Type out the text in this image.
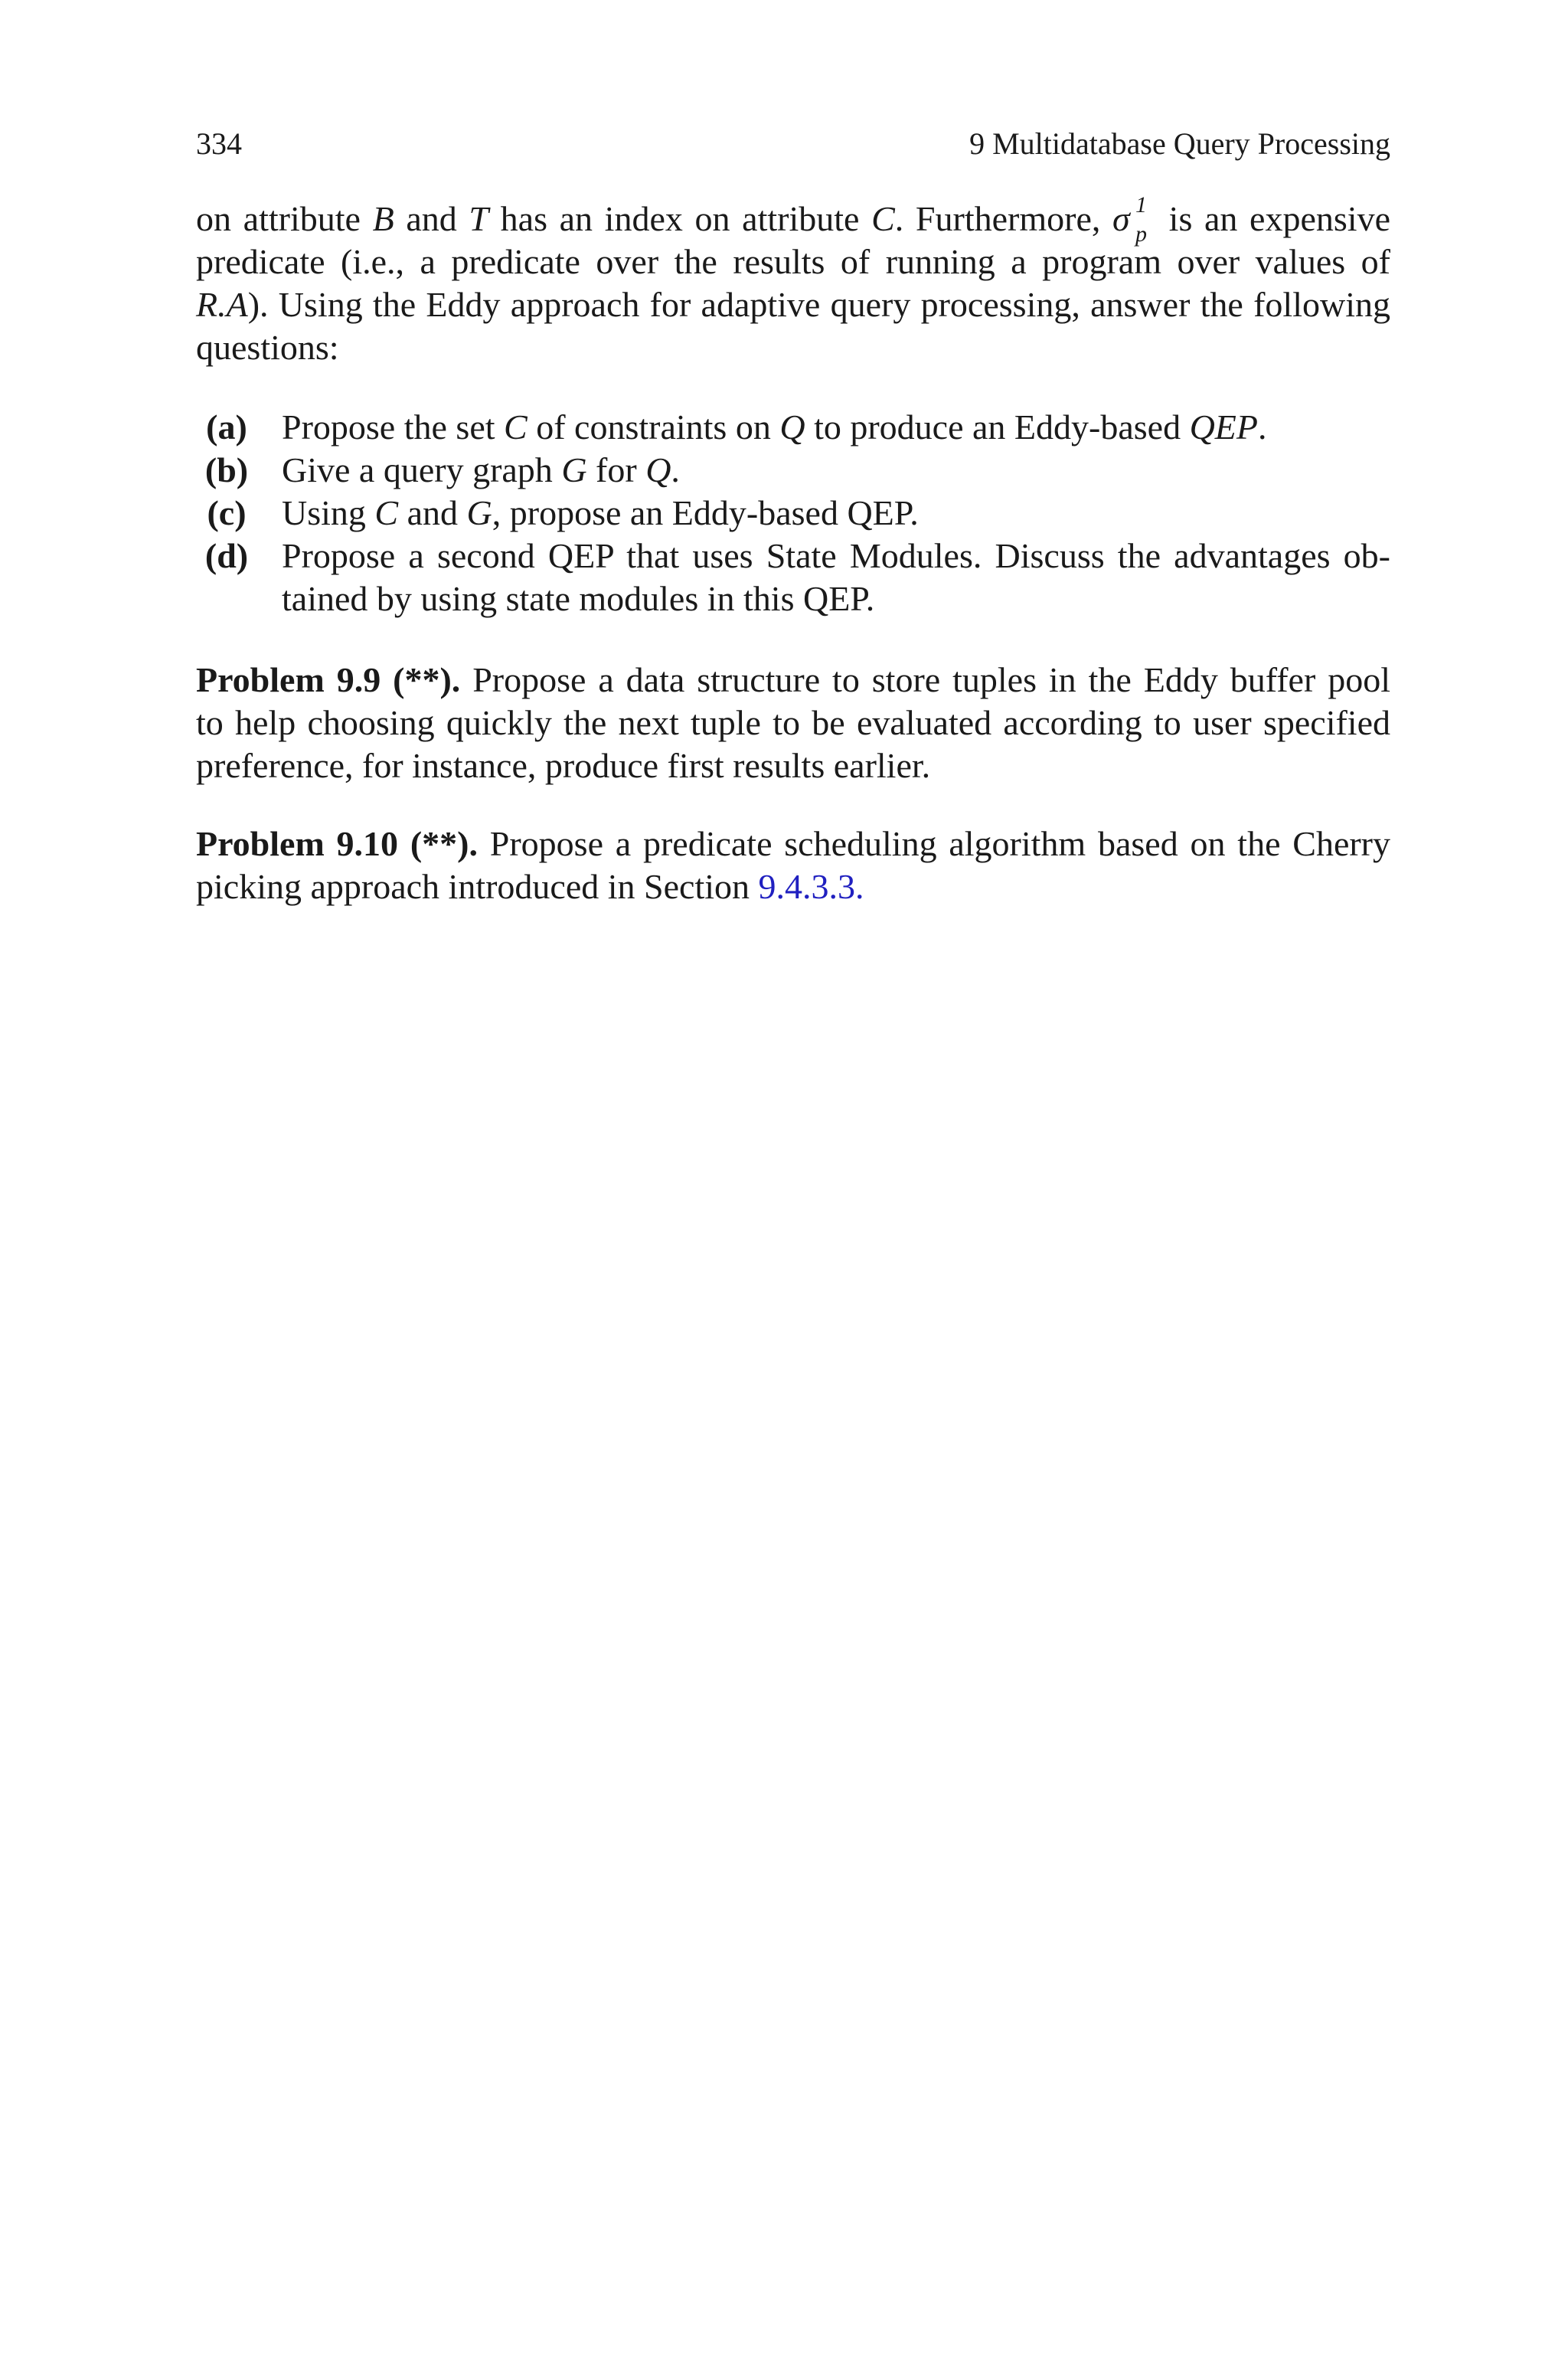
334	9 Multidatabase Query Processing

on attribute B and T has an index on attribute C. Furthermore, σ 1
p is an expensive
predicate (i.e., a predicate over the results of running a program over values of
R.A). Using the Eddy approach for adaptive query processing, answer the following
questions:

(a) Propose the set C of constraints on Q to produce an Eddy-based QEP.
(b) Give a query graph G for Q.
(c)	Using C and G, propose an Eddy-based QEP.
(d) Propose a second QEP that uses State Modules. Discuss the advantages ob-
tained by using state modules in this QEP.

Problem 9.9 (**). Propose a data structure to store tuples in the Eddy buffer pool
to help choosing quickly the next tuple to be evaluated according to user specified
preference, for instance, produce first results earlier.

Problem 9.10 (**). Propose a predicate scheduling algorithm based on the Cherry
picking approach introduced in Section 9.4.3.3.
